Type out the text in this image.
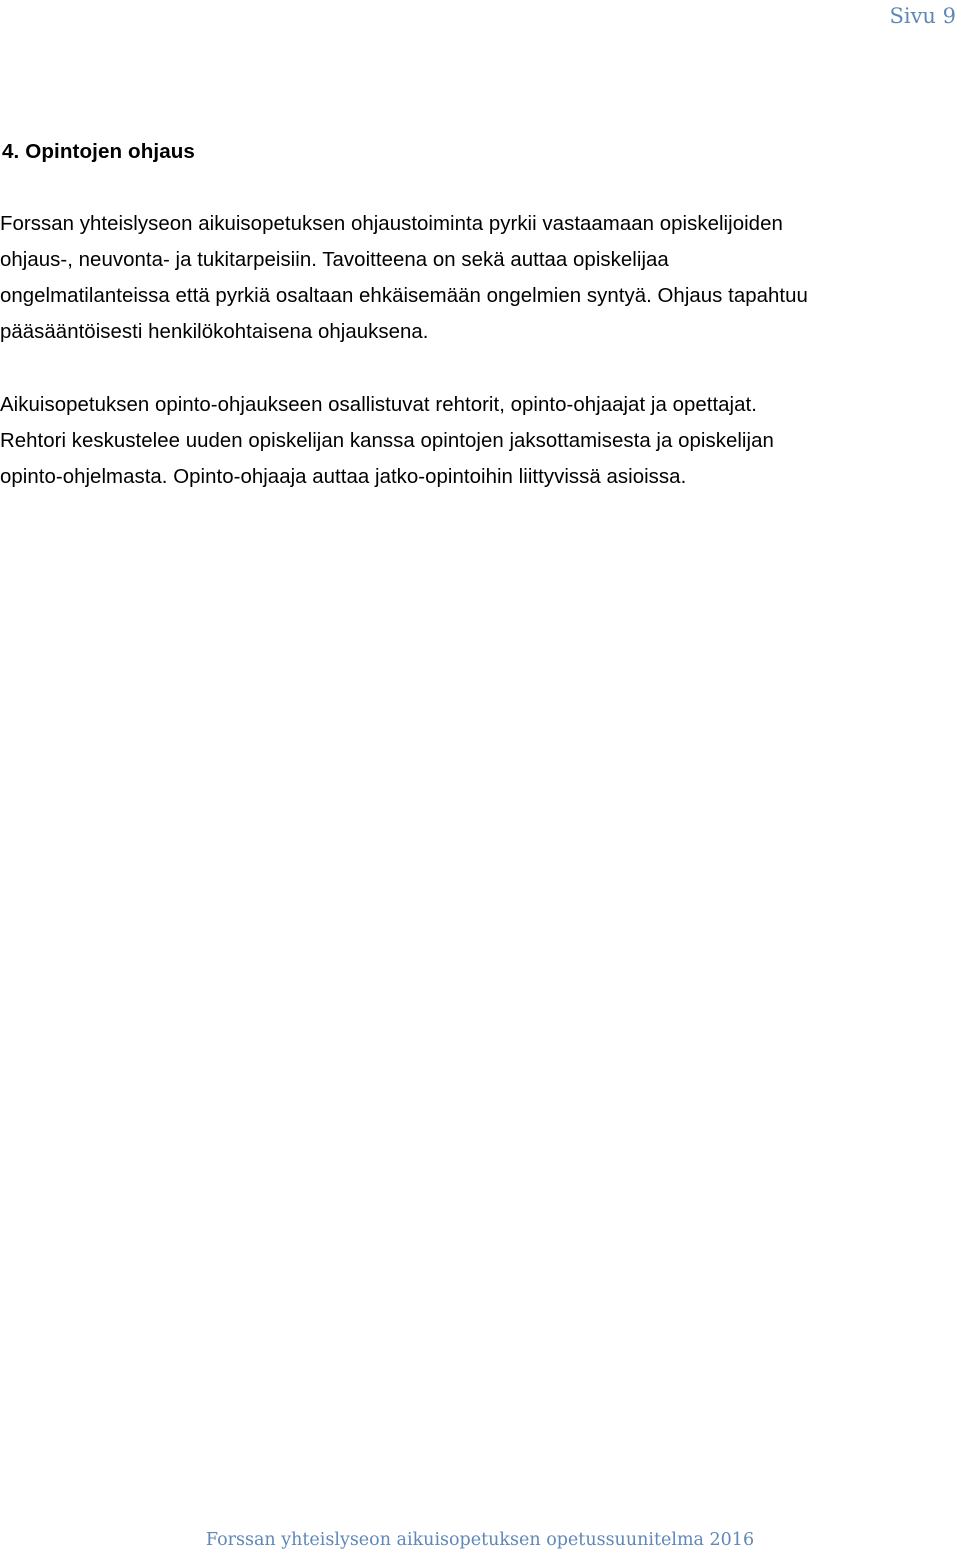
Sivu 9
4. Opintojen ohjaus

Forssan yhteislyseon aikuisopetuksen ohjaustoiminta pyrkii vastaamaan opiskelijoiden
ohjaus-, neuvonta- ja tukitarpeisiin. Tavoitteena on sekä auttaa opiskelijaa
ongelmatilanteissa että pyrkiä osaltaan ehkäisemään ongelmien syntyä. Ohjaus tapahtuu
pääsääntöisesti henkilökohtaisena ohjauksena.

Aikuisopetuksen opinto-ohjaukseen osallistuvat rehtorit, opinto-ohjaajat ja opettajat.
Rehtori keskustelee uuden opiskelijan kanssa opintojen jaksottamisesta ja opiskelijan
opinto-ohjelmasta. Opinto-ohjaaja auttaa jatko-opintoihin liittyvissä asioissa.

Forssan yhteislyseon aikuisopetuksen opetussuunitelma 2016
